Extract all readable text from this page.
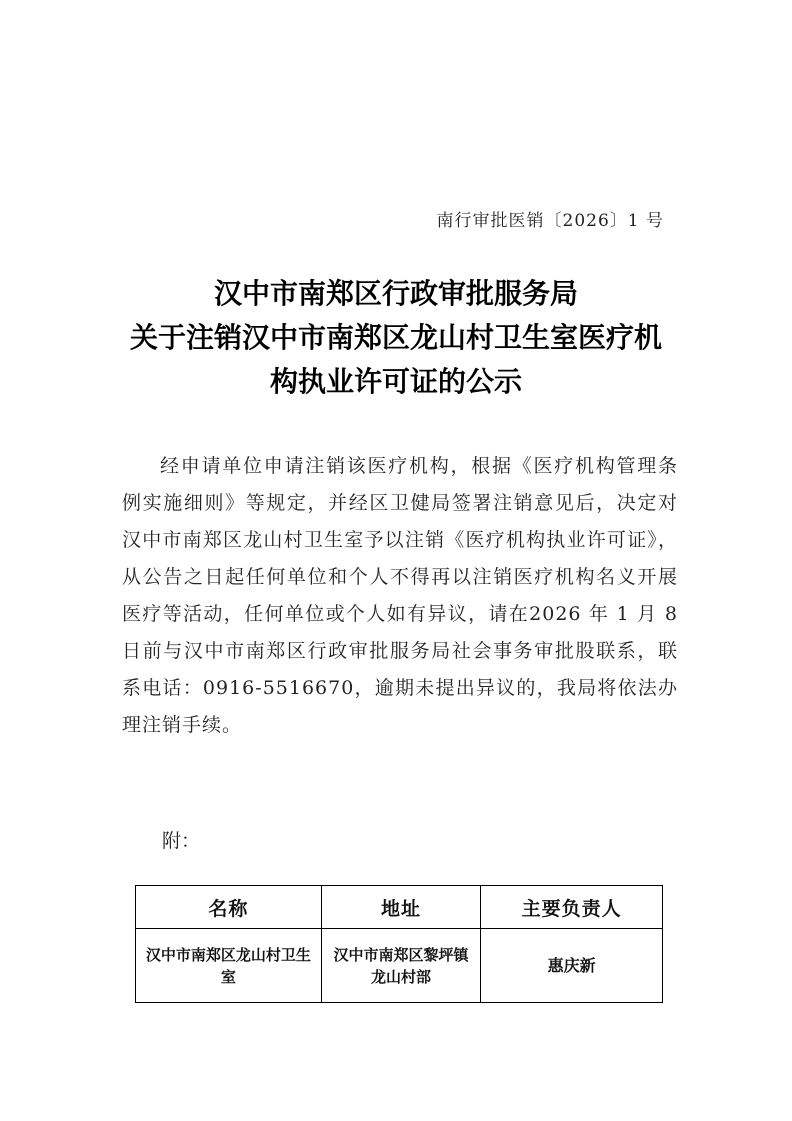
南行审批医销〔2026〕1 号
汉中市南郑区行政审批服务局
关于注销汉中市南郑区龙山村卫生室医疗机
构执业许可证的公示
经申请单位申请注销该医疗机构，根据《医疗机构管理条例实施细则》等规定，并经区卫健局签署注销意见后，决定对汉中市南郑区龙山村卫生室予以注销《医疗机构执业许可证》，从公告之日起任何单位和个人不得再以注销医疗机构名义开展医疗等活动，任何单位或个人如有异议，请在2026 年 1 月 8 日前与汉中市南郑区行政审批服务局社会事务审批股联系，联系电话：0916-5516670，逾期未提出异议的，我局将依法办理注销手续。
附：
名称	地址	主要负责人
汉中市南郑区龙山村卫生室	汉中市南郑区黎坪镇龙山村部	惠庆新
